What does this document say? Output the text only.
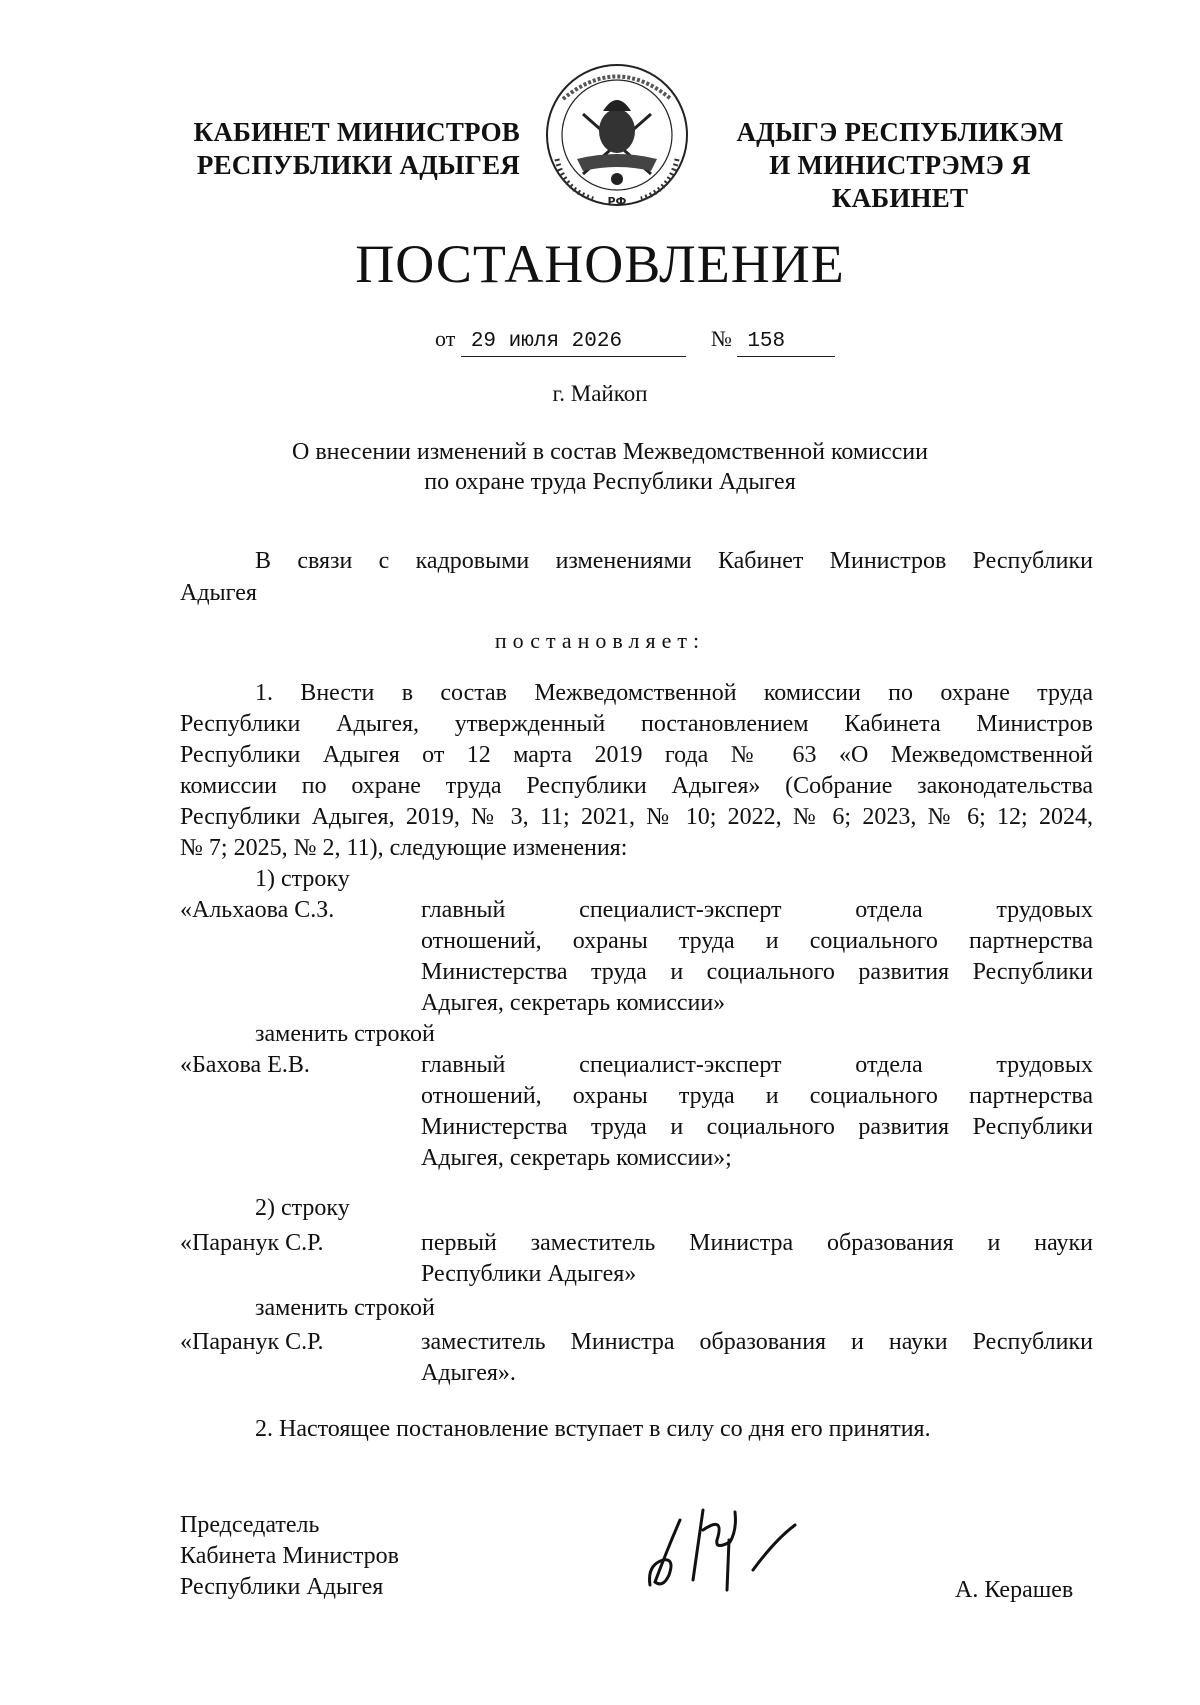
КАБИНЕТ МИНИСТРОВ
РЕСПУБЛИКИ АДЫГЕЯ
РФ
АДЫГЭ РЕСПУБЛИКЭМ
И МИНИСТРЭМЭ Я КАБИНЕТ
ПОСТАНОВЛЕНИЕ
от 29 июля 2026	№ 158
г. Майкоп
О внесении изменений в состав Межведомственной комиссии
по охране труда Республики Адыгея
В связи с кадровыми изменениями Кабинет Министров Республики
Адыгея
постановляет:
1. Внести в состав Межведомственной комиссии по охране труда
Республики Адыгея, утвержденный постановлением Кабинета Министров
Республики Адыгея от 12 марта 2019 года № 63 «О Межведомственной
комиссии по охране труда Республики Адыгея» (Собрание законодательства
Республики Адыгея, 2019, № 3, 11; 2021, № 10; 2022, № 6; 2023, № 6; 12; 2024,
№ 7; 2025, № 2, 11), следующие изменения:
1) строку
«Альхаова С.З.	главный специалист-эксперт отдела трудовых
отношений, охраны труда и социального партнерства
Министерства труда и социального развития Республики
Адыгея, секретарь комиссии»
заменить строкой
«Бахова Е.В.	главный специалист-эксперт отдела трудовых
отношений, охраны труда и социального партнерства
Министерства труда и социального развития Республики
Адыгея, секретарь комиссии»;
2) строку
«Паранук С.Р.	первый заместитель Министра образования и науки
Республики Адыгея»
заменить строкой
«Паранук С.Р.	заместитель Министра образования и науки Республики
Адыгея».
2. Настоящее постановление вступает в силу со дня его принятия.
Председатель
Кабинета Министров
Республики Адыгея	А. Керашев
